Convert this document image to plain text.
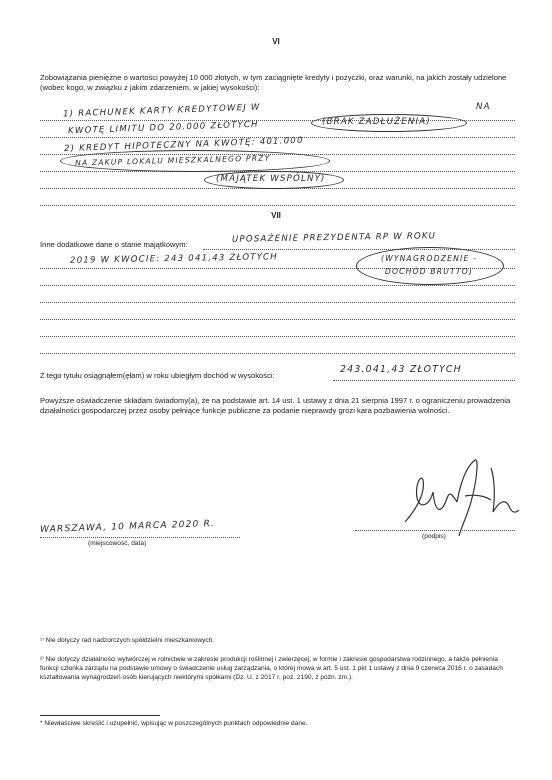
VI
Zobowiązania pieniężne o wartości powyżej 10 000 złotych, w tym zaciągnięte kredyty i pożyczki, oraz warunki, na jakich zostały udzielone (wobec kogo, w związku z jakim zdarzeniem, w jakiej wysokości):
1) RACHUNEK KARTY KREDYTOWEJ W	NA
KWOTĘ LIMITU DO 20.000 ZŁOTYCH	(BRAK ZADŁUŻENIA)
2) KREDYT HIPOTECZNY NA KWOTĘ: 401.000
NA ZAKUP LOKALU MIESZKALNEGO PRZY
(MAJĄTEK WSPÓLNY)
VII
Inne dodatkowe dane o stanie majątkowym:	UPOSAŻENIE PREZYDENTA RP W ROKU
2019 W KWOCIE: 243 041,43 ZŁOTYCH	(WYNAGRODZENIE - DOCHÓD BRUTTO)
Z tego tytułu osiągnąłem(ęłam) w roku ubiegłym dochód w wysokości:
243.041,43 ZŁOTYCH
Powyższe oświadczenie składam świadomy(a), że na podstawie art. 14 ust. 1 ustawy z dnia 21 sierpnia 1997 r. o ograniczeniu prowadzenia działalności gospodarczej przez osoby pełniące funkcje publiczne za podanie nieprawdy grozi kara pozbawienia wolności.
WARSZAWA, 10 MARCA 2020 R.
(miejscowość, data)
(podpis)
¹⁾ Nie dotyczy rad nadzorczych spółdzielni mieszkaniowych.
²⁾ Nie dotyczy działalności wytwórczej w rolnictwie w zakresie produkcji roślinnej i zwierzęcej, w formie i zakresie gospodarstwa rodzinnego, a także pełnienia funkcji członka zarządu na podstawie umowy o świadczenie usług zarządzania, o której mowa w art. 5 ust. 1 pkt 1 ustawy z dnia 9 czerwca 2016 r. o zasadach kształtowania wynagrodzeń osób kierujących niektórymi spółkami (Dz. U. z 2017 r. poz. 2190, z późn. zm.).
* Niewłaściwe skreślić i uzupełnić, wpisując w poszczególnych punktach odpowiednie dane.
